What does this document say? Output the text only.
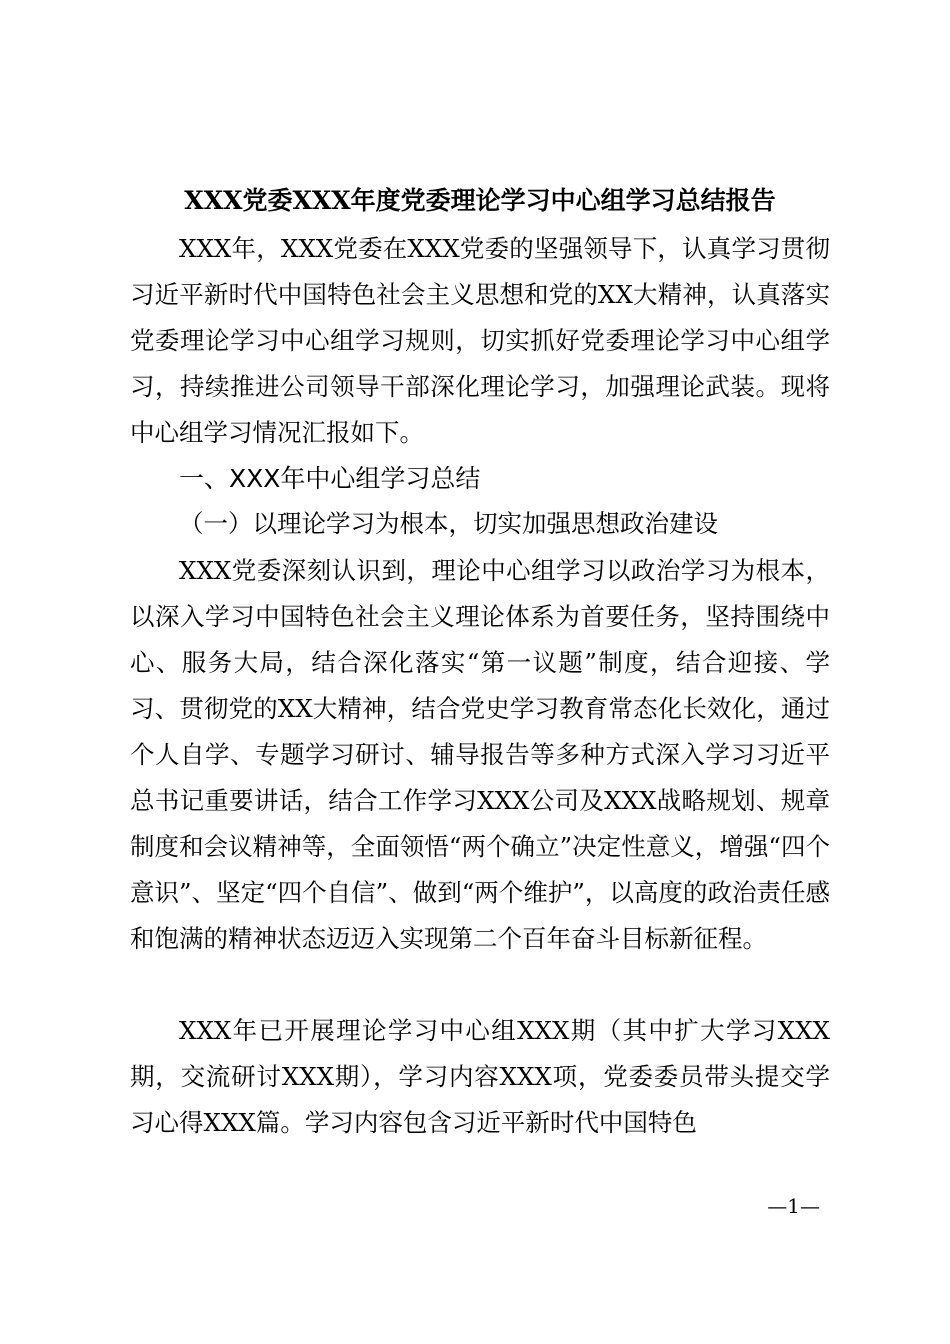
XXX党委XXX年度党委理论学习中心组学习总结报告

XXX年，XXX党委在XXX党委的坚强领导下，认真学习贯彻习近平新时代中国特色社会主义思想和党的XX大精神，认真落实党委理论学习中心组学习规则，切实抓好党委理论学习中心组学习，持续推进公司领导干部深化理论学习，加强理论武装。现将中心组学习情况汇报如下。

一、XXX年中心组学习总结

（一）以理论学习为根本，切实加强思想政治建设

XXX党委深刻认识到，理论中心组学习以政治学习为根本，以深入学习中国特色社会主义理论体系为首要任务，坚持围绕中心、服务大局，结合深化落实“第一议题”制度，结合迎接、学习、贯彻党的XX大精神，结合党史学习教育常态化长效化，通过个人自学、专题学习研讨、辅导报告等多种方式深入学习习近平总书记重要讲话，结合工作学习XXX公司及XXX战略规划、规章制度和会议精神等，全面领悟“两个确立”决定性意义，增强“四个意识”、坚定“四个自信”、做到“两个维护”，以高度的政治责任感和饱满的精神状态迈迈入实现第二个百年奋斗目标新征程。

XXX年已开展理论学习中心组XXX期（其中扩大学习XXX期，交流研讨XXX期），学习内容XXX项，党委委员带头提交学习心得XXX篇。学习内容包含习近平新时代中国特色

—1—
